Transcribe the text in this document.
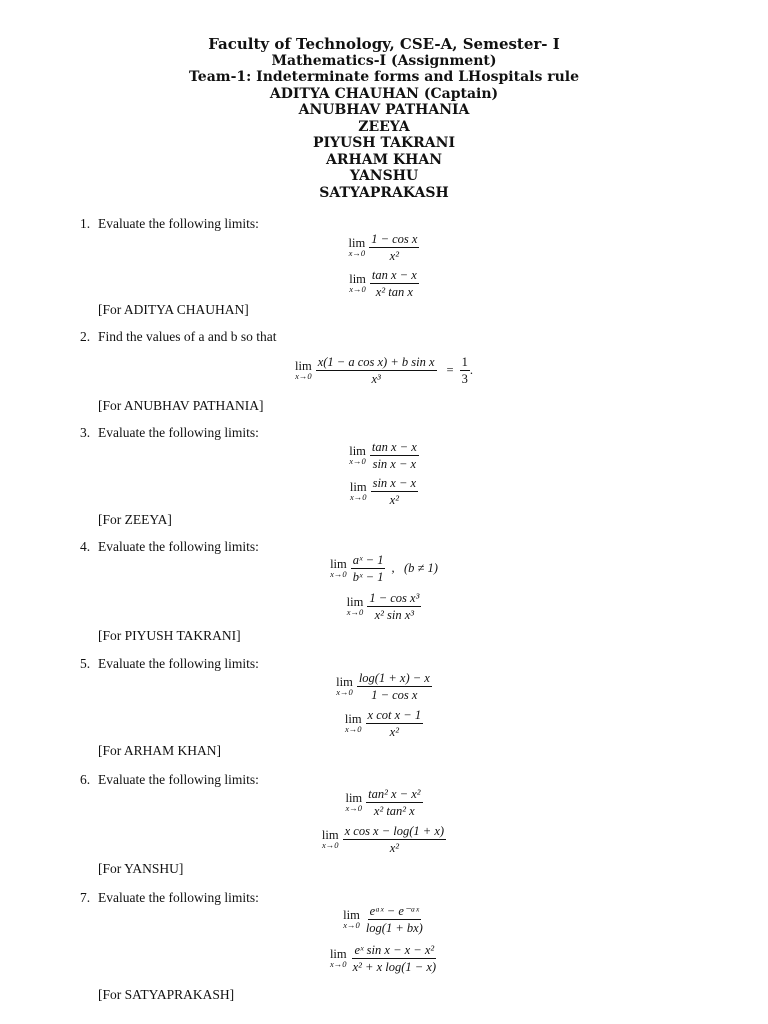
Faculty of Technology, CSE-A, Semester- I
Mathematics-I (Assignment)
Team-1: Indeterminate forms and LHospitals rule
ADITYA CHAUHAN (Captain)
ANUBHAV PATHANIA
ZEEYA
PIYUSH TAKRANI
ARHAM KHAN
YANSHU
SATYAPRAKASH
1. Evaluate the following limits:
lim
$x\to 0 \frac{\text{1 − cos x}}{\text{x²}}$
lim
$x\to 0 \frac{\text{tan x − x}}{\text{x² tan x}}$
[For ADITYA CHAUHAN]
2. Find the values of a and b so that
lim
$x\to 0 \frac{\text{x(1 − a cos x) + b sin x}}{\text{x³}} = \frac{1}{3}$ .
[For ANUBHAV PATHANIA]
3. Evaluate the following limits:
lim
$x\to 0 \frac{\text{tan x − x}}{\text{sin x − x}}$
lim
$x\to 0 \frac{\text{sin x − x}}{\text{x²}}$
[For ZEEYA]
4. Evaluate the following limits:
lim
$x\to 0 \frac{\text{aˣ − 1}}{\text{bˣ − 1}}$ ,   (b ≠ 1)
lim
$x\to 0 \frac{\text{1 − cos x³}}{\text{x² sin x³}}$
[For PIYUSH TAKRANI]
5. Evaluate the following limits:
lim
$x\to 0 \frac{\log(1 + x) - x}{\text{1 − cos x}}$
lim
$x\to 0 \frac{\text{x cot x − 1}}{\text{x²}}$
[For ARHAM KHAN]
6. Evaluate the following limits:
lim
$x\to 0 \frac{\text{tan² x − x²}}{\text{x² tan² x}}$
lim
$x\to 0 \frac{\text{x cos x − log(1 + x)}}{\text{x²}}$
[For YANSHU]
7. Evaluate the following limits:
lim
$x\to 0 \frac{\text{eᵃˣ − e⁻ᵃˣ}}{\log(1 + bx)}$
lim
$x\to 0 \frac{\text{eˣ sin x − x − x²}}{\text{x² + x log(1 − x)}}$
[For SATYAPRAKASH]
